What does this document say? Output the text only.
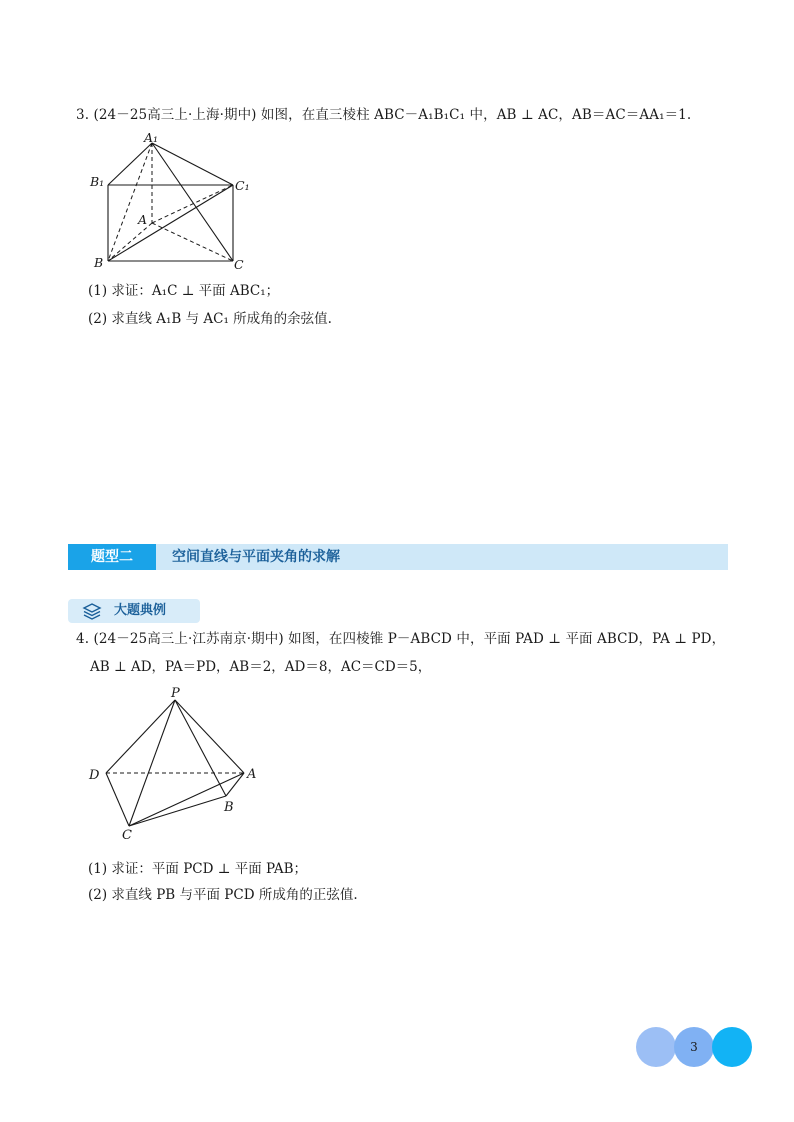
3. (24－25高三上·上海·期中) 如图，在直三棱柱 ABC－A₁B₁C₁ 中，AB ⊥ AC，AB＝AC＝AA₁＝1.
A₁
B₁	C₁
A
B	C
(1) 求证：A₁C ⊥ 平面 ABC₁；
(2) 求直线 A₁B 与 AC₁ 所成角的余弦值.
题型二	空间直线与平面夹角的求解
大题典例
4. (24－25高三上·江苏南京·期中) 如图，在四棱锥 P－ABCD 中，平面 PAD ⊥ 平面 ABCD，PA ⊥ PD，
AB ⊥ AD，PA＝PD，AB＝2，AD＝8，AC＝CD＝5，
P
D	A
B
C
(1) 求证：平面 PCD ⊥ 平面 PAB；
(2) 求直线 PB 与平面 PCD 所成角的正弦值.
3
